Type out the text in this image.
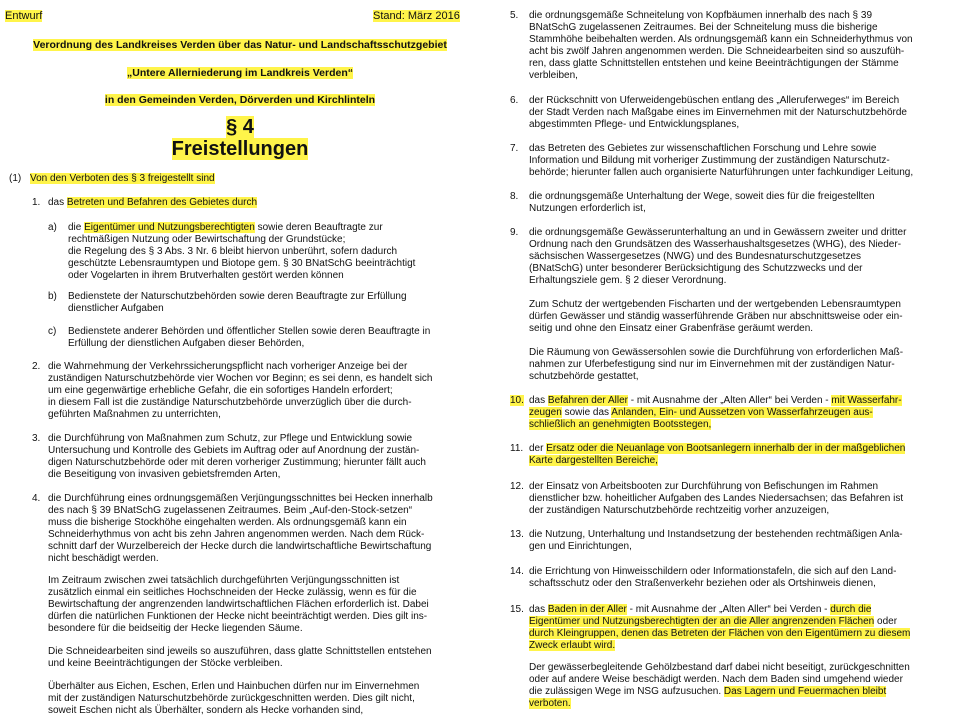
Entwurf	Stand: März 2016
Verordnung des Landkreises Verden über das Natur- und Landschaftsschutzgebiet
„Untere Allerniederung im Landkreis Verden“
in den Gemeinden Verden, Dörverden und Kirchlinteln
§ 4
Freistellungen
(1) Von den Verboten des § 3 freigestellt sind
1. das Betreten und Befahren des Gebietes durch
a) die Eigentümer und Nutzungsberechtigten sowie deren Beauftragte zur
rechtmäßigen Nutzung oder Bewirtschaftung der Grundstücke;
die Regelung des § 3 Abs. 3 Nr. 6 bleibt hiervon unberührt, sofern dadurch
geschützte Lebensraumtypen und Biotope gem. § 30 BNatSchG beeinträchtigt
oder Vogelarten in ihrem Brutverhalten gestört werden können
b) Bedienstete der Naturschutzbehörden sowie deren Beauftragte zur Erfüllung
dienstlicher Aufgaben
c) Bedienstete anderer Behörden und öffentlicher Stellen sowie deren Beauftragte in
Erfüllung der dienstlichen Aufgaben dieser Behörden,
2. die Wahrnehmung der Verkehrssicherungspflicht nach vorheriger Anzeige bei der
zuständigen Naturschutzbehörde vier Wochen vor Beginn; es sei denn, es handelt sich
um eine gegenwärtige erhebliche Gefahr, die ein sofortiges Handeln erfordert;
in diesem Fall ist die zuständige Naturschutzbehörde unverzüglich über die durch-
geführten Maßnahmen zu unterrichten,
3. die Durchführung von Maßnahmen zum Schutz, zur Pflege und Entwicklung sowie
Untersuchung und Kontrolle des Gebiets im Auftrag oder auf Anordnung der zustän-
digen Naturschutzbehörde oder mit deren vorheriger Zustimmung; hierunter fällt auch
die Beseitigung von invasiven gebietsfremden Arten,
4. die Durchführung eines ordnungsgemäßen Verjüngungsschnittes bei Hecken innerhalb
des nach § 39 BNatSchG zugelassenen Zeitraumes. Beim „Auf-den-Stock-setzen“
muss die bisherige Stockhöhe eingehalten werden. Als ordnungsgemäß kann ein
Schneiderhythmus von acht bis zehn Jahren angenommen werden. Nach dem Rück-
schnitt darf der Wurzelbereich der Hecke durch die landwirtschaftliche Bewirtschaftung
nicht beschädigt werden.
Im Zeitraum zwischen zwei tatsächlich durchgeführten Verjüngungsschnitten ist
zusätzlich einmal ein seitliches Hochschneiden der Hecke zulässig, wenn es für die
Bewirtschaftung der angrenzenden landwirtschaftlichen Flächen erforderlich ist. Dabei
dürfen die natürlichen Funktionen der Hecke nicht beeinträchtigt werden. Dies gilt ins-
besondere für die beidseitig der Hecke liegenden Säume.
Die Schneidearbeiten sind jeweils so auszuführen, dass glatte Schnittstellen entstehen
und keine Beeinträchtigungen der Stöcke verbleiben.
Überhälter aus Eichen, Eschen, Erlen und Hainbuchen dürfen nur im Einvernehmen
mit der zuständigen Naturschutzbehörde zurückgeschnitten werden. Dies gilt nicht,
soweit Eschen nicht als Überhälter, sondern als Hecke vorhanden sind,
5. die ordnungsgemäße Schneitelung von Kopfbäumen innerhalb des nach § 39
BNatSchG zugelassenen Zeitraumes. Bei der Schneitelung muss die bisherige
Stammhöhe beibehalten werden. Als ordnungsgemäß kann ein Schneiderhythmus von
acht bis zwölf Jahren angenommen werden. Die Schneidearbeiten sind so auszufüh-
ren, dass glatte Schnittstellen entstehen und keine Beeinträchtigungen der Stämme
verbleiben,
6. der Rückschnitt von Uferweidengebüschen entlang des „Alleruferweges“ im Bereich
der Stadt Verden nach Maßgabe eines im Einvernehmen mit der Naturschutzbehörde
abgestimmten Pflege- und Entwicklungsplanes,
7. das Betreten des Gebietes zur wissenschaftlichen Forschung und Lehre sowie
Information und Bildung mit vorheriger Zustimmung der zuständigen Naturschutz-
behörde; hierunter fallen auch organisierte Naturführungen unter fachkundiger Leitung,
8. die ordnungsgemäße Unterhaltung der Wege, soweit dies für die freigestellten
Nutzungen erforderlich ist,
9. die ordnungsgemäße Gewässerunterhaltung an und in Gewässern zweiter und dritter
Ordnung nach den Grundsätzen des Wasserhaushaltsgesetzes (WHG), des Nieder-
sächsischen Wassergesetzes (NWG) und des Bundesnaturschutzgesetzes
(BNatSchG) unter besonderer Berücksichtigung des Schutzzwecks und der
Erhaltungsziele gem. § 2 dieser Verordnung.
Zum Schutz der wertgebenden Fischarten und der wertgebenden Lebensraumtypen
dürfen Gewässer und ständig wasserführende Gräben nur abschnittsweise oder ein-
seitig und ohne den Einsatz einer Grabenfräse geräumt werden.
Die Räumung von Gewässersohlen sowie die Durchführung von erforderlichen Maß-
nahmen zur Uferbefestigung sind nur im Einvernehmen mit der zuständigen Natur-
schutzbehörde gestattet,
10. das Befahren der Aller - mit Ausnahme der „Alten Aller“ bei Verden - mit Wasserfahr-
zeugen sowie das Anlanden, Ein- und Aussetzen von Wasserfahrzeugen aus-
schließlich an genehmigten Bootsstegen,
11. der Ersatz oder die Neuanlage von Bootsanlegern innerhalb der in der maßgeblichen
Karte dargestellten Bereiche,
12. der Einsatz von Arbeitsbooten zur Durchführung von Befischungen im Rahmen
dienstlicher bzw. hoheitlicher Aufgaben des Landes Niedersachsen; das Befahren ist
der zuständigen Naturschutzbehörde rechtzeitig vorher anzuzeigen,
13. die Nutzung, Unterhaltung und Instandsetzung der bestehenden rechtmäßigen Anla-
gen und Einrichtungen,
14. die Errichtung von Hinweisschildern oder Informationstafeln, die sich auf den Land-
schaftsschutz oder den Straßenverkehr beziehen oder als Ortshinweis dienen,
15. das Baden in der Aller - mit Ausnahme der „Alten Aller“ bei Verden - durch die
Eigentümer und Nutzungsberechtigten der an die Aller angrenzenden Flächen oder
durch Kleingruppen, denen das Betreten der Flächen von den Eigentümern zu diesem
Zweck erlaubt wird.
Der gewässerbegleitende Gehölzbestand darf dabei nicht beseitigt, zurückgeschnitten
oder auf andere Weise beschädigt werden. Nach dem Baden sind umgehend wieder
die zulässigen Wege im NSG aufzusuchen. Das Lagern und Feuermachen bleibt
verboten.
